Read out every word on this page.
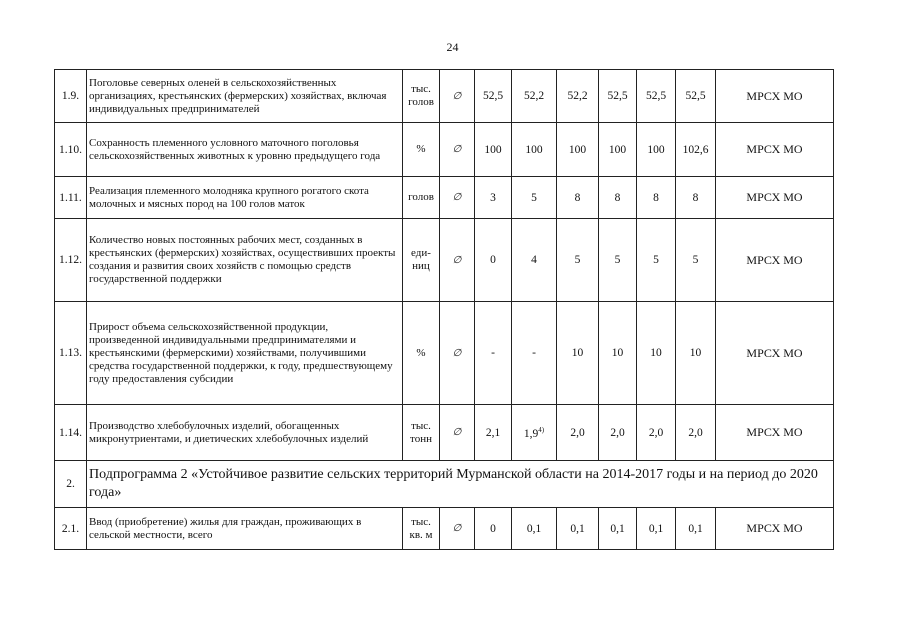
24
1.9.	Поголовье северных оленей в сельскохозяйственных организациях, крестьянских (фермерских) хозяйствах, включая индивидуальных предпринимателей	тыс. голов	∅	52,5	52,2	52,2	52,5	52,5	52,5	МРСХ МО
1.10.	Сохранность племенного условного маточного поголовья сельскохозяйственных животных к уровню предыдущего года	%	∅	100	100	100	100	100	102,6	МРСХ МО
1.11.	Реализация племенного молодняка крупного рогатого скота молочных и мясных пород на 100 голов маток	голов	∅	3	5	8	8	8	8	МРСХ МО
1.12.	Количество новых постоянных рабочих мест, созданных в крестьянских (фермерских) хозяйствах, осуществивших проекты создания и развития своих хозяйств с помощью средств государственной поддержки	еди-ниц	∅	0	4	5	5	5	5	МРСХ МО
1.13.	Прирост объема сельскохозяйственной продукции, произведенной индивидуальными предпринимателями и крестьянскими (фермерскими) хозяйствами, получившими средства государственной поддержки, к году, предшествующему году предоставления субсидии	%	∅	-	-	10	10	10	10	МРСХ МО
1.14.	Производство хлебобулочных изделий, обогащенных микронутриентами, и диетических хлебобулочных изделий	тыс. тонн	∅	2,1	1,9$^{4)}$	2,0	2,0	2,0	2,0	МРСХ МО
2.	Подпрограмма 2 «Устойчивое развитие сельских территорий Мурманской области на 2014-2017 годы и на период до 2020 года»									
2.1.	Ввод (приобретение) жилья для граждан, проживающих в сельской местности, всего	тыс. кв. м	∅	0	0,1	0,1	0,1	0,1	0,1	МРСХ МО
